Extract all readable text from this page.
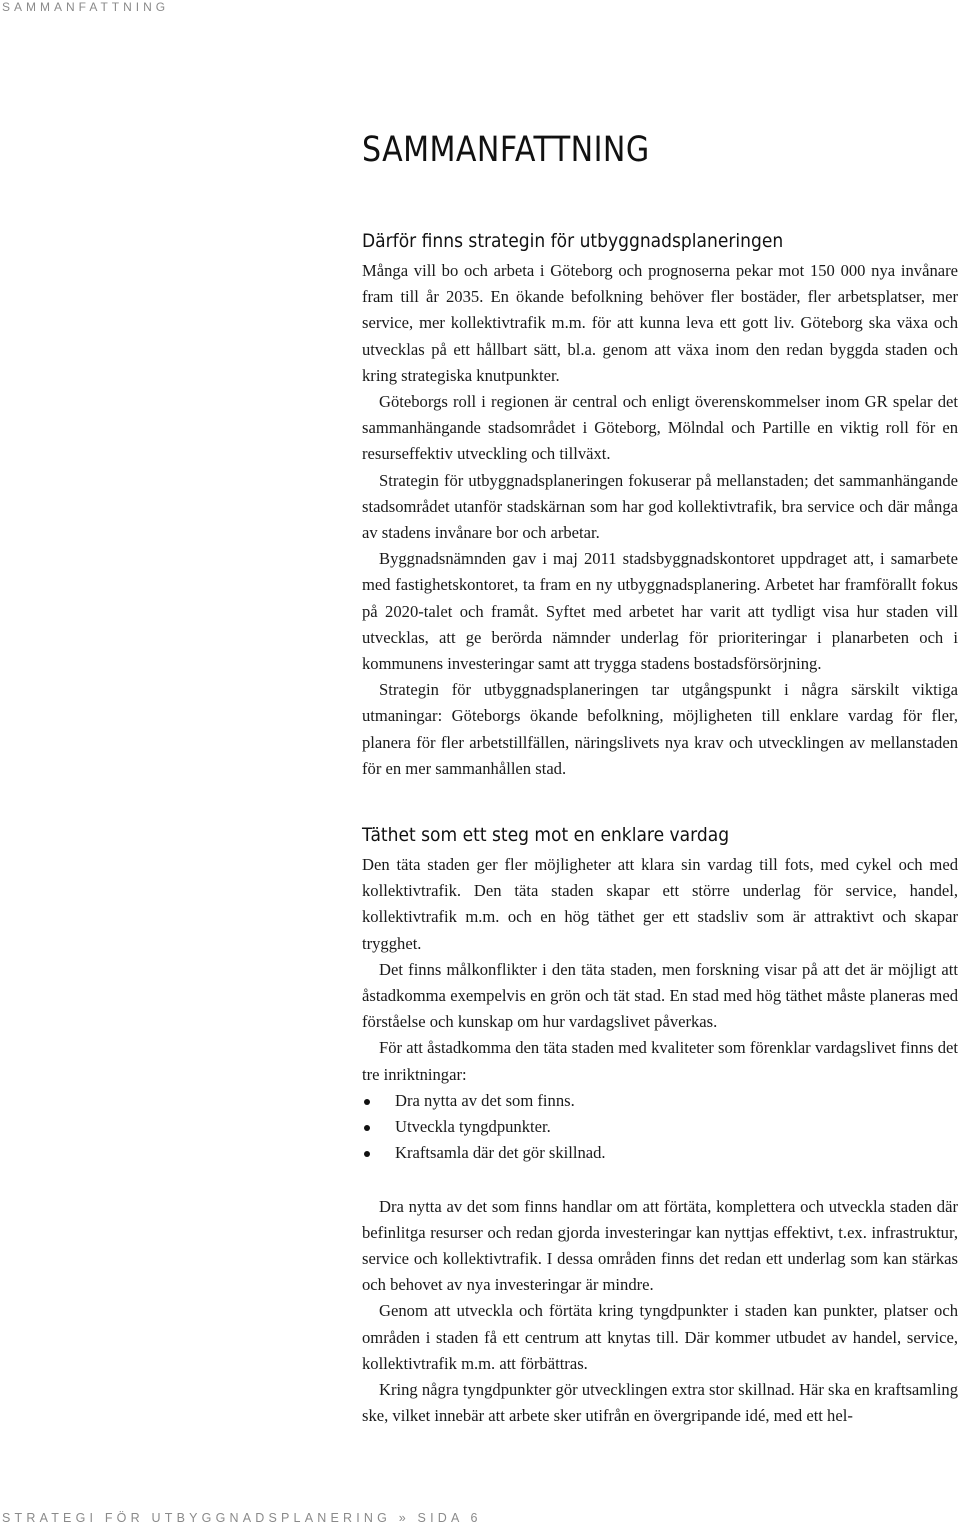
SAMMANFATTNING
SAMMANFATTNING
Därför finns strategin för utbyggnadsplaneringen

Många vill bo och arbeta i Göteborg och prognoserna pekar mot 150 000 nya invånare fram till år 2035. En ökande befolkning behöver fler bostäder, fler arbetsplatser, mer service, mer kollektivtrafik m.m. för att kunna leva ett gott liv. Göteborg ska växa och utvecklas på ett hållbart sätt, bl.a. genom att växa inom den redan byggda staden och kring strategiska knutpunkter.

Göteborgs roll i regionen är central och enligt överenskommelser inom GR spelar det sammanhängande stadsområdet i Göteborg, Mölndal och Partille en viktig roll för en resurseffektiv utveckling och tillväxt.

Strategin för utbyggnadsplaneringen fokuserar på mellanstaden; det sammanhängande stadsområdet utanför stadskärnan som har god kollektivtrafik, bra service och där många av stadens invånare bor och arbetar.

Byggnadsnämnden gav i maj 2011 stadsbyggnadskontoret uppdraget att, i samarbete med fastighetskontoret, ta fram en ny utbyggnadsplanering. Arbetet har framförallt fokus på 2020-talet och framåt. Syftet med arbetet har varit att tydligt visa hur staden vill utvecklas, att ge berörda nämnder underlag för prioriteringar i planarbeten och i kommunens investeringar samt att trygga stadens bostadsförsörjning.

Strategin för utbyggnadsplaneringen tar utgångspunkt i några särskilt viktiga utmaningar: Göteborgs ökande befolkning, möjligheten till enklare vardag för fler, planera för fler arbetstillfällen, näringslivets nya krav och utvecklingen av mellanstaden för en mer sammanhållen stad.

Täthet som ett steg mot en enklare vardag

Den täta staden ger fler möjligheter att klara sin vardag till fots, med cykel och med kollektivtrafik. Den täta staden skapar ett större underlag för service, handel, kollektivtrafik m.m. och en hög täthet ger ett stadsliv som är attraktivt och skapar trygghet.

Det finns målkonflikter i den täta staden, men forskning visar på att det är möjligt att åstadkomma exempelvis en grön och tät stad. En stad med hög täthet måste planeras med förståelse och kunskap om hur vardagslivet påverkas.

För att åstadkomma den täta staden med kvaliteter som förenklar vardagslivet finns det tre inriktningar:

Dra nytta av det som finns.
Utveckla tyngdpunkter.
Kraftsamla där det gör skillnad.

Dra nytta av det som finns handlar om att förtäta, komplettera och utveckla staden där befinlitga resurser och redan gjorda investeringar kan nyttjas effektivt, t.ex. infrastruktur, service och kollektivtrafik. I dessa områden finns det redan ett underlag som kan stärkas och behovet av nya investeringar är mindre.

Genom att utveckla och förtäta kring tyngdpunkter i staden kan punkter, platser och områden i staden få ett centrum att knytas till. Där kommer utbudet av handel, service, kollektivtrafik m.m. att förbättras.

Kring några tyngdpunkter gör utvecklingen extra stor skillnad. Här ska en kraftsamling ske, vilket innebär att arbete sker utifrån en övergripande idé, med ett hel-

STRATEGI FÖR UTBYGGNADSPLANERING » SIDA 6
